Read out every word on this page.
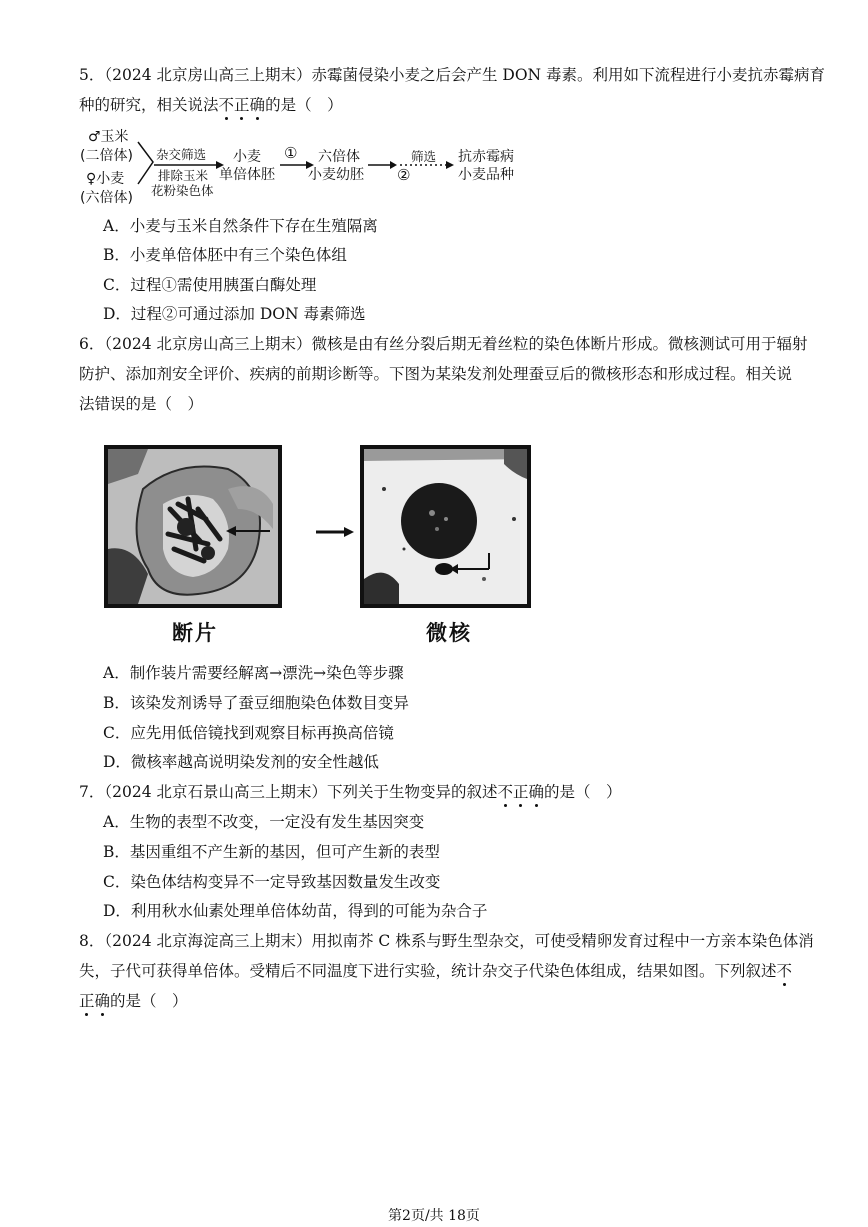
5．（2024 北京房山高三上期末）赤霉菌侵染小麦之后会产生 DON 毒素。利用如下流程进行小麦抗赤霉病育
种的研究，相关说法不正确的是（　）
♂玉米
(二倍体)
♀小麦
(六倍体)
杂交筛选
排除玉米
花粉染色体
小麦
单倍体胚
① 六倍体
小麦幼胚
筛选
②
抗赤霉病
小麦品种
A．小麦与玉米自然条件下存在生殖隔离
B．小麦单倍体胚中有三个染色体组
C．过程①需使用胰蛋白酶处理
D．过程②可通过添加 DON 毒素筛选
6．（2024 北京房山高三上期末）微核是由有丝分裂后期无着丝粒的染色体断片形成。微核测试可用于辐射
防护、添加剂安全评价、疾病的前期诊断等。下图为某染发剂处理蚕豆后的微核形态和形成过程。相关说
法错误的是（　）
断片	微核
A．制作装片需要经解离→漂洗→染色等步骤
B．该染发剂诱导了蚕豆细胞染色体数目变异
C．应先用低倍镜找到观察目标再换高倍镜
D．微核率越高说明染发剂的安全性越低
7．（2024 北京石景山高三上期末）下列关于生物变异的叙述不正确的是（　）
A．生物的表型不改变，一定没有发生基因突变
B．基因重组不产生新的基因，但可产生新的表型
C．染色体结构变异不一定导致基因数量发生改变
D．利用秋水仙素处理单倍体幼苗，得到的可能为杂合子
8．（2024 北京海淀高三上期末）用拟南芥 C 株系与野生型杂交，可使受精卵发育过程中一方亲本染色体消
失，子代可获得单倍体。受精后不同温度下进行实验，统计杂交子代染色体组成，结果如图。下列叙述不
正确的是（　）
第2页/共 18页
